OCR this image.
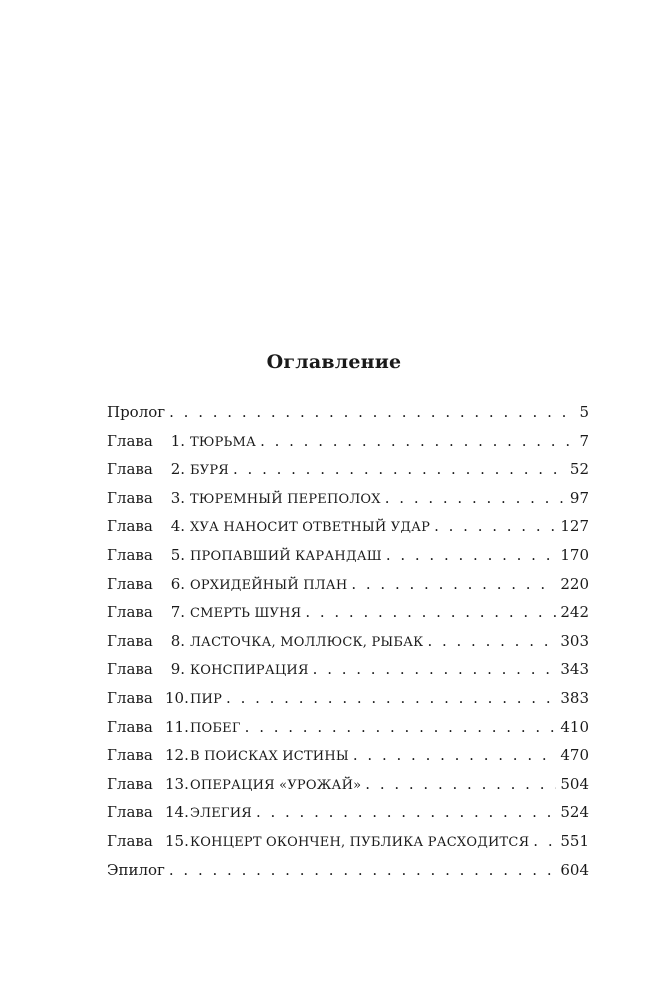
Оглавление
Пролог . . .	5
Глава	1. ТЮРЬМА . . .	7
Глава	2. БУРЯ . . .	52
Глава	3. ТЮРЕМНЫЙ ПЕРЕПОЛОХ . . .	97
Глава	4. ХУА НАНОСИТ ОТВЕТНЫЙ УДАР . . .	127
Глава	5. ПРОПАВШИЙ КАРАНДАШ . . .	170
Глава	6. ОРХИДЕЙНЫЙ ПЛАН . . .	220
Глава	7. СМЕРТЬ ШУНЯ . . .	242
Глава	8. ЛАСТОЧКА, МОЛЛЮСК, РЫБАК . . .	303
Глава	9. КОНСПИРАЦИЯ . . .	343
Глава 10. ПИР . . .	383
Глава 11. ПОБЕГ . . .	410
Глава 12. В ПОИСКАХ ИСТИНЫ . . .	470
Глава 13. ОПЕРАЦИЯ «УРОЖАЙ» . . .	504
Глава 14. ЭЛЕГИЯ . . .	524
Глава 15. КОНЦЕРТ ОКОНЧЕН, ПУБЛИКА РАСХОДИТСЯ . . . 551
Эпилог . . .	604
